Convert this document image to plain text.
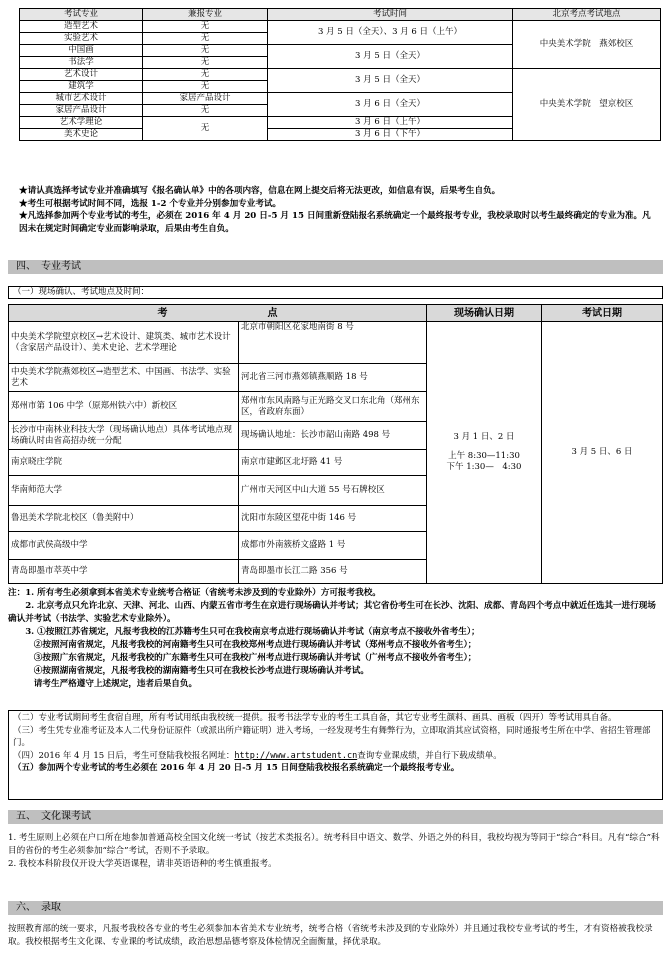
考试专业	兼报专业	考试时间	北京考点考试地点
造型艺术	无	3 月 5 日（全天）、3 月 6 日（上午）	中央美术学院　燕郊校区
实验艺术	无		
中国画	无	3 月 5 日（全天）	
书法学	无		
艺术设计	无	3 月 5 日（全天）	中央美术学院　望京校区
建筑学	无		
城市艺术设计	家居产品设计	3 月 6 日（全天）	
家居产品设计	无		
艺术学理论	无	3 月 6 日（上午）	
美术史论		3 月 6 日（下午）	
★请认真选择考试专业并准确填写《报名确认单》中的各项内容，信息在网上提交后将无法更改，如信息有误，后果考生自负。
★考生可根据考试时间不同，选报 1-2 个专业并分别参加专业考试。
★凡选择参加两个专业考试的考生，必须在 2016 年 4 月 20 日-5 月 15 日间重新登陆报名系统确定一个最终报考专业，我校录取时以考生最终确定的专业为准。凡因未在规定时间确定专业而影响录取，后果由考生自负。
四、　专业考试
（一）现场确认、考试地点及时间：
考　　　　　　　　　　点		现场确认日期	考试日期
中央美术学院望京校区→艺术设计、建筑类、城市艺术设计（含家居产品设计）、美术史论、艺术学理论	北京市朝阳区花家地南街 8 号	3 月 1 日、2 日
上午 8:30—11:30
下午 1:30—　4:30	3 月 5 日、6 日
中央美术学院燕郊校区→造型艺术、中国画、书法学、实验艺术	河北省三河市燕郊镇燕顺路 18 号		
郑州市第 106 中学（原郑州铁六中）新校区	郑州市东风南路与正光路交叉口东北角（郑州东区，省政府东面）		
长沙市中南林业科技大学（现场确认地点）具体考试地点现场确认时由省高招办统一分配	现场确认地址：长沙市韶山南路 498 号		
南京晓庄学院	南京市建邺区北圩路 41 号		
华南师范大学	广州市天河区中山大道 55 号石牌校区		
鲁迅美术学院北校区（鲁美附中）	沈阳市东陵区望花中街 146 号		
成都市武侯高级中学	成都市外南簇桥文盛路 1 号		
青岛即墨市萃英中学	青岛即墨市长江二路 356 号		
注：1. 所有考生必须拿到本省美术专业统考合格证（省统考未涉及到的专业除外）方可报考我校。
　　2. 北京考点只允许北京、天津、河北、山西、内蒙五省市考生在京进行现场确认并考试；其它省份考生可在长沙、沈阳、成都、青岛四个考点中就近任选其一进行现场确认并考试（书法学、实验艺术专业除外）。
　　3. ①按照江苏省规定，凡报考我校的江苏籍考生只可在我校南京考点进行现场确认并考试（南京考点不接收外省考生）；
　　　②按照河南省规定，凡报考我校的河南籍考生只可在我校郑州考点进行现场确认并考试（郑州考点不接收外省考生）；
　　　③按照广东省规定，凡报考我校的广东籍考生只可在我校广州考点进行现场确认并考试（广州考点不接收外省考生）；
　　　④按照湖南省规定，凡报考我校的湖南籍考生只可在我校长沙考点进行现场确认并考试。
　　　请考生严格遵守上述规定，违者后果自负。
（二）专业考试期间考生食宿自理，所有考试用纸由我校统一提供。报考书法学专业的考生工具自备，其它专业考生颜料、画具、画板（四开）等考试用具自备。
（三）考生凭专业准考证及本人二代身份证原件（或派出所户籍证明）进入考场，一经发现考生有舞弊行为，立即取消其应试资格，同时通报考生所在中学、省招生管理部门。
（四）2016 年 4 月 15 日后，考生可登陆我校报名网址：http://www.artstudent.cn查询专业课成绩，并自行下载成绩单。
（五）参加两个专业考试的考生必须在 2016 年 4 月 20 日-5 月 15 日间登陆我校报名系统确定一个最终报考专业。
五、　文化课考试
1. 考生原则上必须在户口所在地参加普通高校全国文化统一考试（按艺术类报名）。统考科目中语文、数学、外语之外的科目，我校均视为等同于“综合”科目。凡有“综合”科目的省份的考生必须参加“综合”考试，否则不予录取。
2. 我校本科阶段仅开设大学英语课程，请非英语语种的考生慎重报考。
六、　录取
按照教育部的统一要求，凡报考我校各专业的考生必须参加本省美术专业统考，统考合格（省统考未涉及到的专业除外）并且通过我校专业考试的考生，才有资格被我校录取。我校根据考生文化课、专业课的考试成绩，政治思想品德考察及体检情况全面衡量，择优录取。
